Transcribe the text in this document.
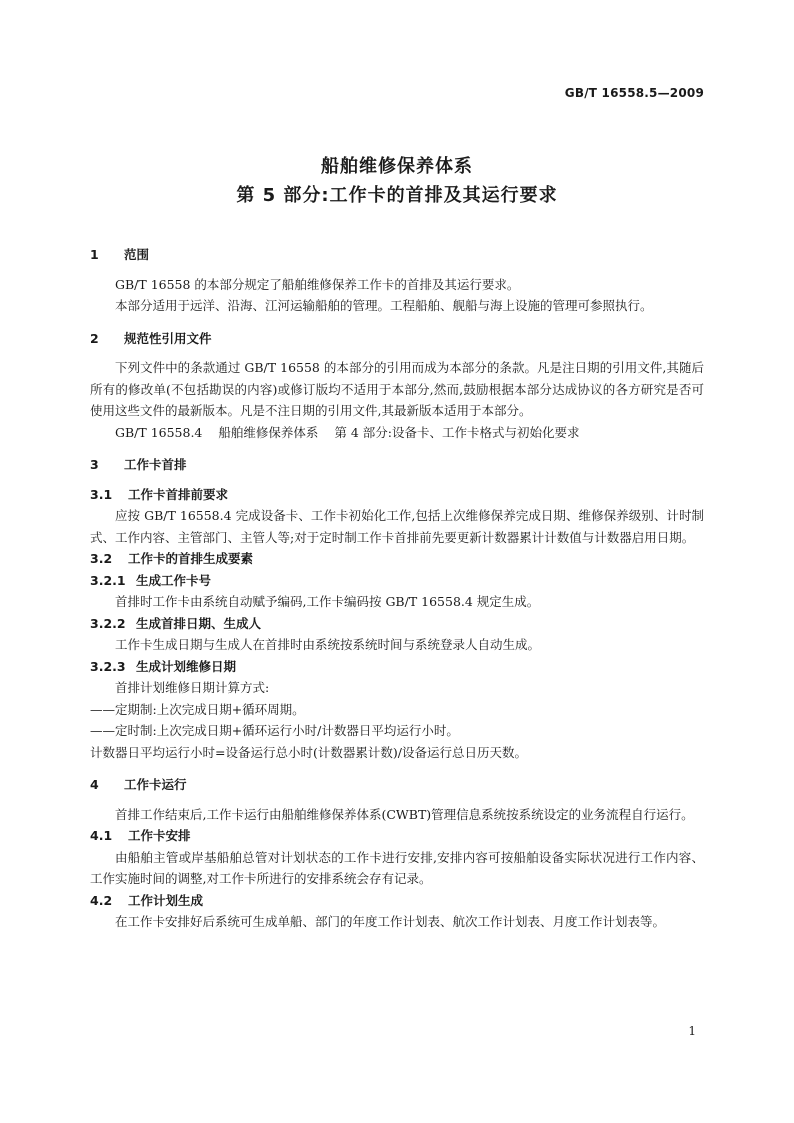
GB/T 16558.5—2009
船舶维修保养体系
第 5 部分:工作卡的首排及其运行要求
1 范围

GB/T 16558 的本部分规定了船舶维修保养工作卡的首排及其运行要求。

本部分适用于远洋、沿海、江河运输船舶的管理。工程船舶、舰船与海上设施的管理可参照执行。

2 规范性引用文件

下列文件中的条款通过 GB/T 16558 的本部分的引用而成为本部分的条款。凡是注日期的引用文件,其随后所有的修改单(不包括勘误的内容)或修订版均不适用于本部分,然而,鼓励根据本部分达成协议的各方研究是否可使用这些文件的最新版本。凡是不注日期的引用文件,其最新版本适用于本部分。

GB/T 16558.4 船舶维修保养体系 第 4 部分:设备卡、工作卡格式与初始化要求

3 工作卡首排
3.1 工作卡首排前要求

应按 GB/T 16558.4 完成设备卡、工作卡初始化工作,包括上次维修保养完成日期、维修保养级别、计时制式、工作内容、主管部门、主管人等;对于定时制工作卡首排前先要更新计数器累计计数值与计数器启用日期。

3.2 工作卡的首排生成要素
3.2.1 生成工作卡号

首排时工作卡由系统自动赋予编码,工作卡编码按 GB/T 16558.4 规定生成。

3.2.2 生成首排日期、生成人

工作卡生成日期与生成人在首排时由系统按系统时间与系统登录人自动生成。

3.2.3 生成计划维修日期

首排计划维修日期计算方式:

——定期制:上次完成日期+循环周期。

——定时制:上次完成日期+循环运行小时/计数器日平均运行小时。

计数器日平均运行小时=设备运行总小时(计数器累计数)/设备运行总日历天数。

4 工作卡运行

首排工作结束后,工作卡运行由船舶维修保养体系(CWBT)管理信息系统按系统设定的业务流程自行运行。

4.1 工作卡安排

由船舶主管或岸基船舶总管对计划状态的工作卡进行安排,安排内容可按船舶设备实际状况进行工作内容、工作实施时间的调整,对工作卡所进行的安排系统会存有记录。

4.2 工作计划生成

在工作卡安排好后系统可生成单船、部门的年度工作计划表、航次工作计划表、月度工作计划表等。

1
